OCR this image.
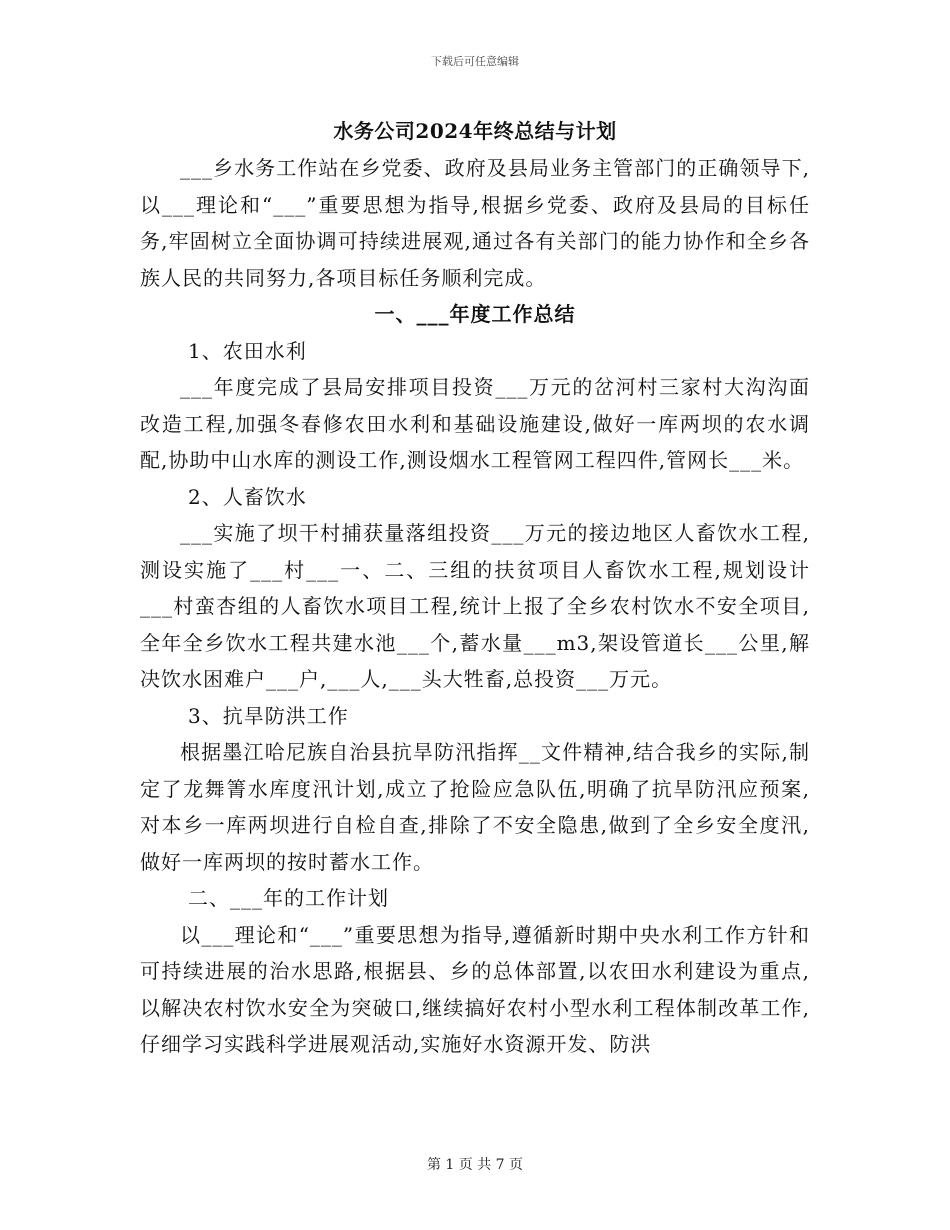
下载后可任意编辑
水务公司2024年终总结与计划

___乡水务工作站在乡党委、政府及县局业务主管部门的正确领导下,以___理论和“___”重要思想为指导,根据乡党委、政府及县局的目标任务,牢固树立全面协调可持续进展观,通过各有关部门的能力协作和全乡各族人民的共同努力,各项目标任务顺利完成。

一、___年度工作总结

1、农田水利

___年度完成了县局安排项目投资___万元的岔河村三家村大沟沟面改造工程,加强冬春修农田水利和基础设施建设,做好一库两坝的农水调配,协助中山水库的测设工作,测设烟水工程管网工程四件,管网长___米。

2、人畜饮水

___实施了坝干村捕获量落组投资___万元的接边地区人畜饮水工程,测设实施了___村___一、二、三组的扶贫项目人畜饮水工程,规划设计___村蛮杏组的人畜饮水项目工程,统计上报了全乡农村饮水不安全项目,全年全乡饮水工程共建水池___个,蓄水量___m3,架设管道长___公里,解决饮水困难户___户,___人,___头大牲畜,总投资___万元。

3、抗旱防洪工作

根据墨江哈尼族自治县抗旱防汛指挥__文件精神,结合我乡的实际,制定了龙舞箐水库度汛计划,成立了抢险应急队伍,明确了抗旱防汛应预案,对本乡一库两坝进行自检自查,排除了不安全隐患,做到了全乡安全度汛,做好一库两坝的按时蓄水工作。

二、___年的工作计划

以___理论和“___”重要思想为指导,遵循新时期中央水利工作方针和可持续进展的治水思路,根据县、乡的总体部置,以农田水利建设为重点,以解决农村饮水安全为突破口,继续搞好农村小型水利工程体制改革工作,仔细学习实践科学进展观活动,实施好水资源开发、防洪

第 1 页 共 7 页
